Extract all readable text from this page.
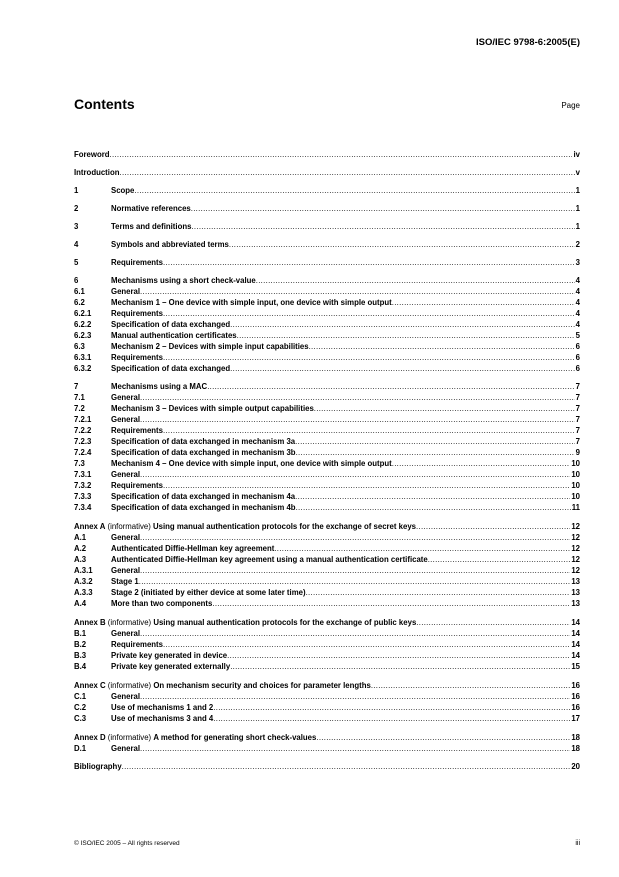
ISO/IEC 9798-6:2005(E)
Contents	Page
Foreword .....	iv
Introduction .....	v
1	Scope .....	1
2	Normative references .....	1
3	Terms and definitions .....	1
4	Symbols and abbreviated terms .....	2
5	Requirements .....	3
6	Mechanisms using a short check-value .....	4
6.1	General .....	4
6.2	Mechanism 1 – One device with simple input, one device with simple output .....	4
6.2.1	Requirements .....	4
6.2.2	Specification of data exchanged .....	4
6.2.3	Manual authentication certificates .....	5
6.3	Mechanism 2 – Devices with simple input capabilities .....	6
6.3.1	Requirements .....	6
6.3.2	Specification of data exchanged .....	6
7	Mechanisms using a MAC .....	7
7.1	General .....	7
7.2	Mechanism 3 – Devices with simple output capabilities .....	7
7.2.1	General .....	7
7.2.2	Requirements .....	7
7.2.3	Specification of data exchanged in mechanism 3a .....	7
7.2.4	Specification of data exchanged in mechanism 3b .....	9
7.3	Mechanism 4 – One device with simple input, one device with simple output .....	10
7.3.1	General .....	10
7.3.2	Requirements .....	10
7.3.3	Specification of data exchanged in mechanism 4a .....	10
7.3.4	Specification of data exchanged in mechanism 4b .....	11
Annex A (informative) Using manual authentication protocols for the exchange of secret keys .....	12
A.1	General .....	12
A.2	Authenticated Diffie-Hellman key agreement .....	12
A.3	Authenticated Diffie-Hellman key agreement using a manual authentication certificate .....	12
A.3.1	General .....	12
A.3.2	Stage 1 .....	13
A.3.3	Stage 2 (initiated by either device at some later time) .....	13
A.4	More than two components .....	13
Annex B (informative) Using manual authentication protocols for the exchange of public keys .....	14
B.1	General .....	14
B.2	Requirements .....	14
B.3	Private key generated in device .....	14
B.4	Private key generated externally .....	15
Annex C (informative) On mechanism security and choices for parameter lengths .....	16
C.1	General .....	16
C.2	Use of mechanisms 1 and 2 .....	16
C.3	Use of mechanisms 3 and 4 .....	17
Annex D (informative) A method for generating short check-values .....	18
D.1	General .....	18
Bibliography .....	20
© ISO/IEC 2005 – All rights reserved	iii
